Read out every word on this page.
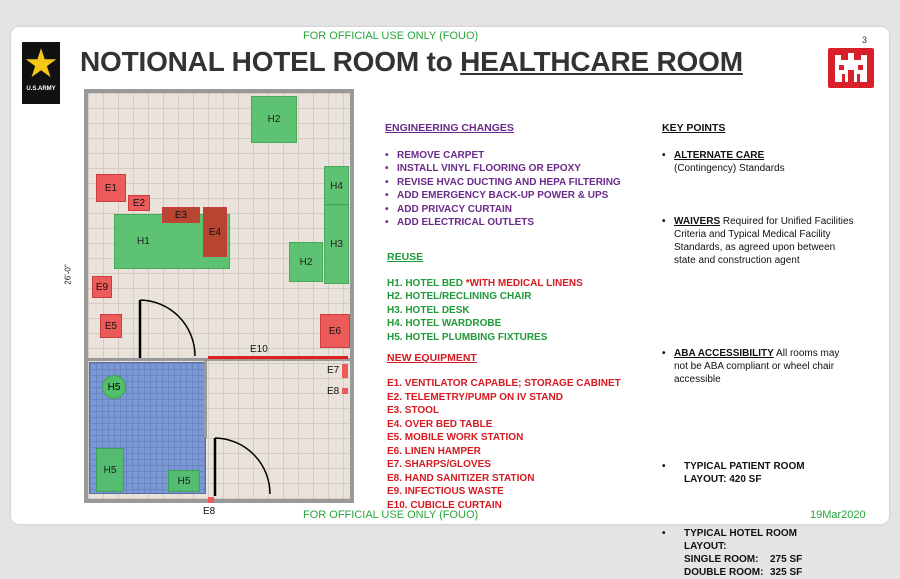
FOR OFFICIAL USE ONLY (FOUO)	3
★
U.S.ARMY
NOTIONAL HOTEL ROOM to HEALTHCARE ROOM
26'-0"
E10
H2
H1
H4
H3
H2
H5
H5
H5
E1
E2
E3
E4
E9
E5	E6
E7
E8
E8
ENGINEERING CHANGES
• REMOVE CARPET
• INSTALL VINYL FLOORING OR EPOXY
• REVISE HVAC DUCTING AND HEPA FILTERING
• ADD EMERGENCY BACK-UP POWER & UPS
• ADD PRIVACY CURTAIN
• ADD ELECTRICAL OUTLETS
REUSE
H1. HOTEL BED *WITH MEDICAL LINENS
H2. HOTEL/RECLINING CHAIR
H3. HOTEL DESK
H4. HOTEL WARDROBE
H5. HOTEL PLUMBING FIXTURES
NEW EQUIPMENT
E1. VENTILATOR CAPABLE; STORAGE CABINET
E2. TELEMETRY/PUMP ON IV STAND
E3. STOOL
E4. OVER BED TABLE
E5. MOBILE WORK STATION
E6. LINEN HAMPER
E7. SHARPS/GLOVES
E8. HAND SANITIZER STATION
E9. INFECTIOUS WASTE
E10. CUBICLE CURTAIN
KEY POINTS
• ALTERNATE CARE
(Contingency) Standards
• WAIVERS Required for Unified Facilities Criteria and Typical Medical Facility Standards, as agreed upon between state and construction agent
• ABA ACCESSIBILITY All rooms may not be ABA compliant or wheel chair accessible
• TYPICAL PATIENT ROOM
LAYOUT: 420 SF
• TYPICAL HOTEL ROOM
LAYOUT:

SINGLE ROOM:	275 SF
DOUBLE ROOM: 325 SF
FOR OFFICIAL USE ONLY (FOUO)	19Mar2020
